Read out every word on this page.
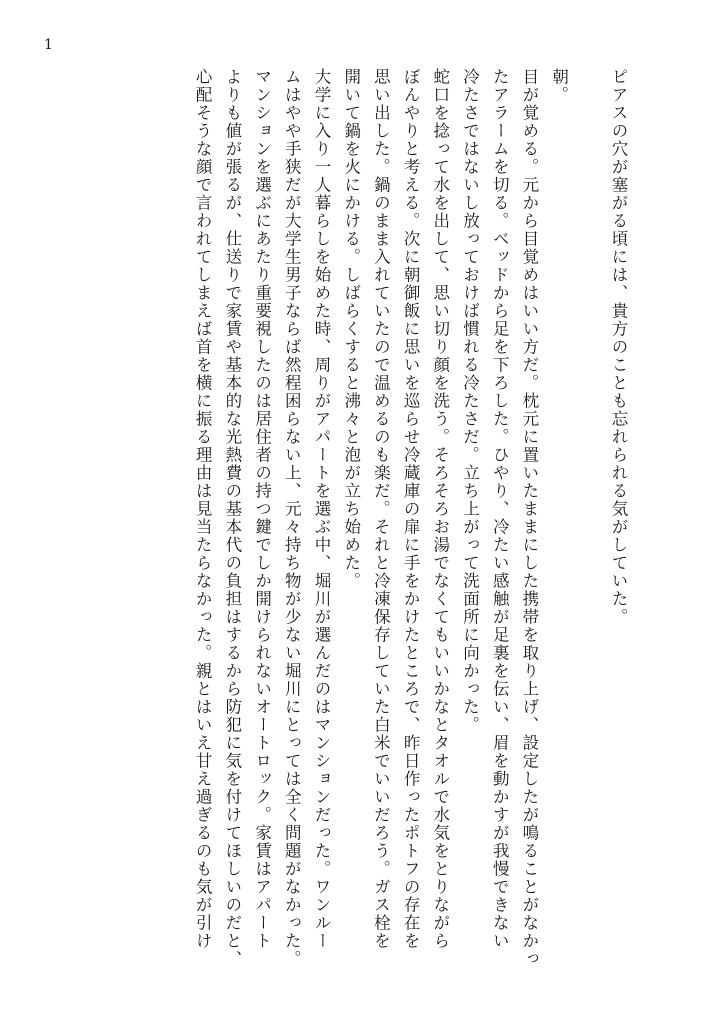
1
ピアスの穴が塞がる頃には、貴方のことも忘れられる気がしていた。
朝。
目が覚める。元から目覚めはいい方だ。枕元に置いたままにした携帯を取り上げ、設定したが鳴ることがなかっ
たアラームを切る。ベッドから足を下ろした。ひやり、冷たい感触が足裏を伝い、眉を動かすが我慢できない
冷たさではないし放っておけば慣れる冷たさだ。立ち上がって洗面所に向かった。
蛇口を捻って水を出して、思い切り顔を洗う。そろそろお湯でなくてもいいかなとタオルで水気をとりながら
ぼんやりと考える。次に朝御飯に思いを巡らせ冷蔵庫の扉に手をかけたところで、昨日作ったポトフの存在を
思い出した。鍋のまま入れていたので温めるのも楽だ。それと冷凍保存していた白米でいいだろう。ガス栓を
開いて鍋を火にかける。しばらくすると沸々と泡が立ち始めた。
大学に入り一人暮らしを始めた時、周りがアパートを選ぶ中、堀川が選んだのはマンションだった。ワンルー
ムはやや手狭だが大学生男子ならば然程困らない上、元々持ち物が少ない堀川にとっては全く問題がなかった。
マンションを選ぶにあたり重要視したのは居住者の持つ鍵でしか開けられないオートロック。家賃はアパート
よりも値が張るが、仕送りで家賃や基本的な光熱費の基本代の負担はするから防犯に気を付けてほしいのだと、
心配そうな顔で言われてしまえば首を横に振る理由は見当たらなかった。親とはいえ甘え過ぎるのも気が引け
